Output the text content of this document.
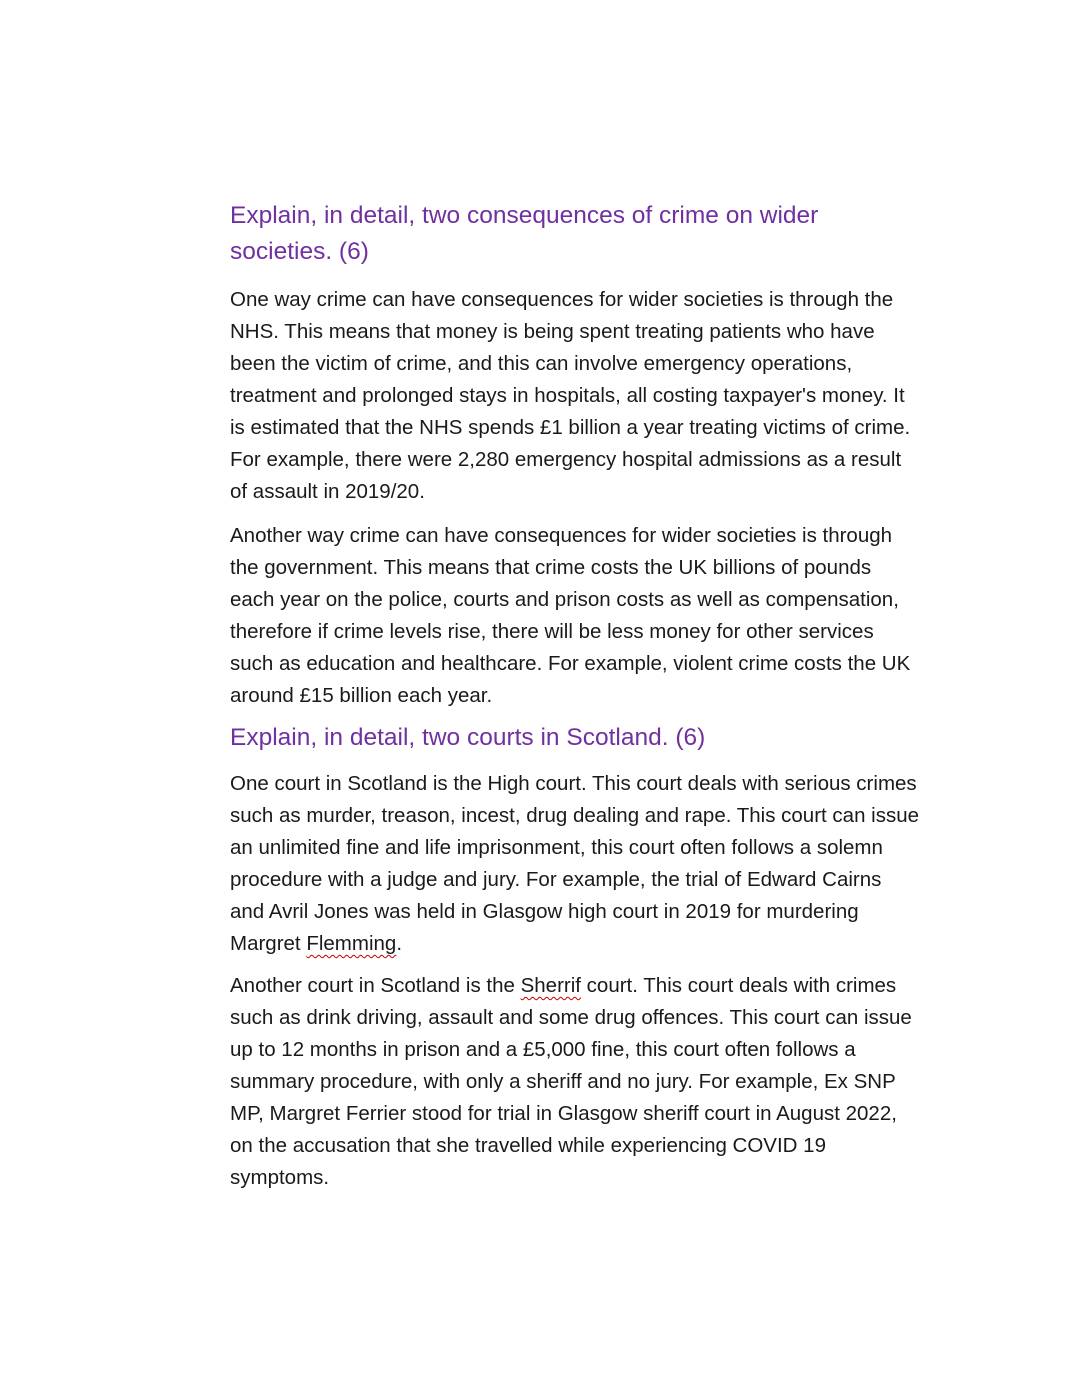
Explain, in detail, two consequences of crime on wider societies. (6)

One way crime can have consequences for wider societies is through the NHS. This means that money is being spent treating patients who have been the victim of crime, and this can involve emergency operations, treatment and prolonged stays in hospitals, all costing taxpayer's money. It is estimated that the NHS spends £1 billion a year treating victims of crime. For example, there were 2,280 emergency hospital admissions as a result of assault in 2019/20.

Another way crime can have consequences for wider societies is through the government. This means that crime costs the UK billions of pounds each year on the police, courts and prison costs as well as compensation, therefore if crime levels rise, there will be less money for other services such as education and healthcare. For example, violent crime costs the UK around £15 billion each year.

Explain, in detail, two courts in Scotland. (6)

One court in Scotland is the High court. This court deals with serious crimes such as murder, treason, incest, drug dealing and rape. This court can issue an unlimited fine and life imprisonment, this court often follows a solemn procedure with a judge and jury. For example, the trial of Edward Cairns and Avril Jones was held in Glasgow high court in 2019 for murdering Margret Flemming.

Another court in Scotland is the Sherrif court. This court deals with crimes such as drink driving, assault and some drug offences. This court can issue up to 12 months in prison and a £5,000 fine, this court often follows a summary procedure, with only a sheriff and no jury. For example, Ex SNP MP, Margret Ferrier stood for trial in Glasgow sheriff court in August 2022, on the accusation that she travelled while experiencing COVID 19 symptoms.
